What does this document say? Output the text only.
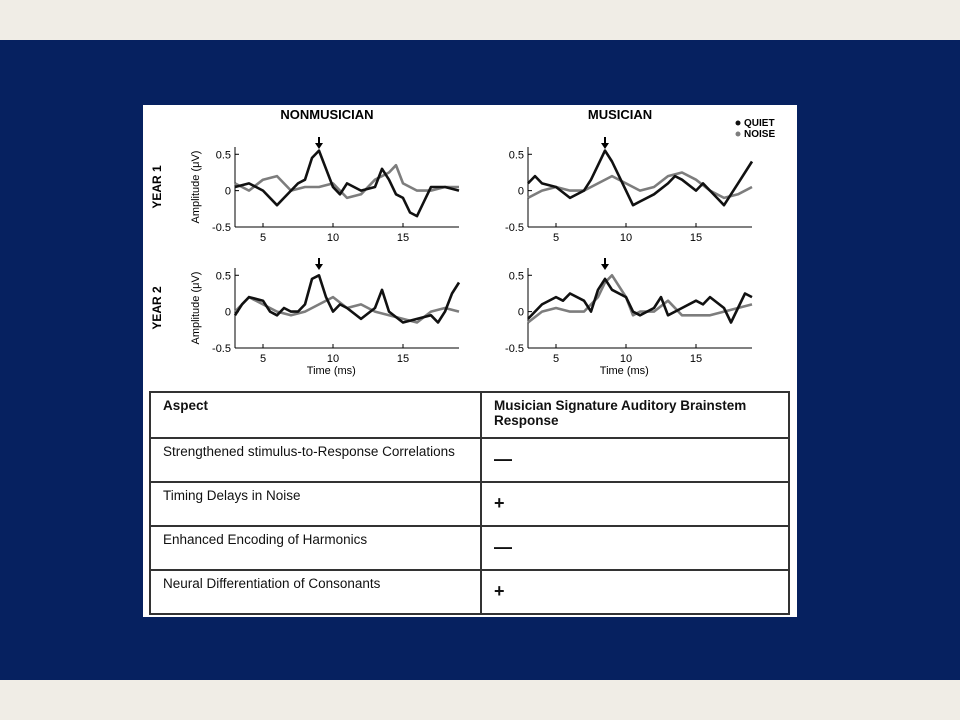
0.5
0
-0.5
5	10	15
NONMUSICIAN
YEAR 1 Amplitude (μV)	0.5
0
-0.5
5	10	15
MUSICIAN
0.5
0
-0.5
5	10	15
YEAR 2 Amplitude (μV)
Time (ms)
0.5
0
-0.5
5	10	15
Time (ms)
QUIET
NOISE
Aspect	Musician Signature Auditory Brainstem Response
Strengthened stimulus-to-Response Correlations	—
Timing Delays in Noise	+
Enhanced Encoding of Harmonics	—
Neural Differentiation of Consonants	+
